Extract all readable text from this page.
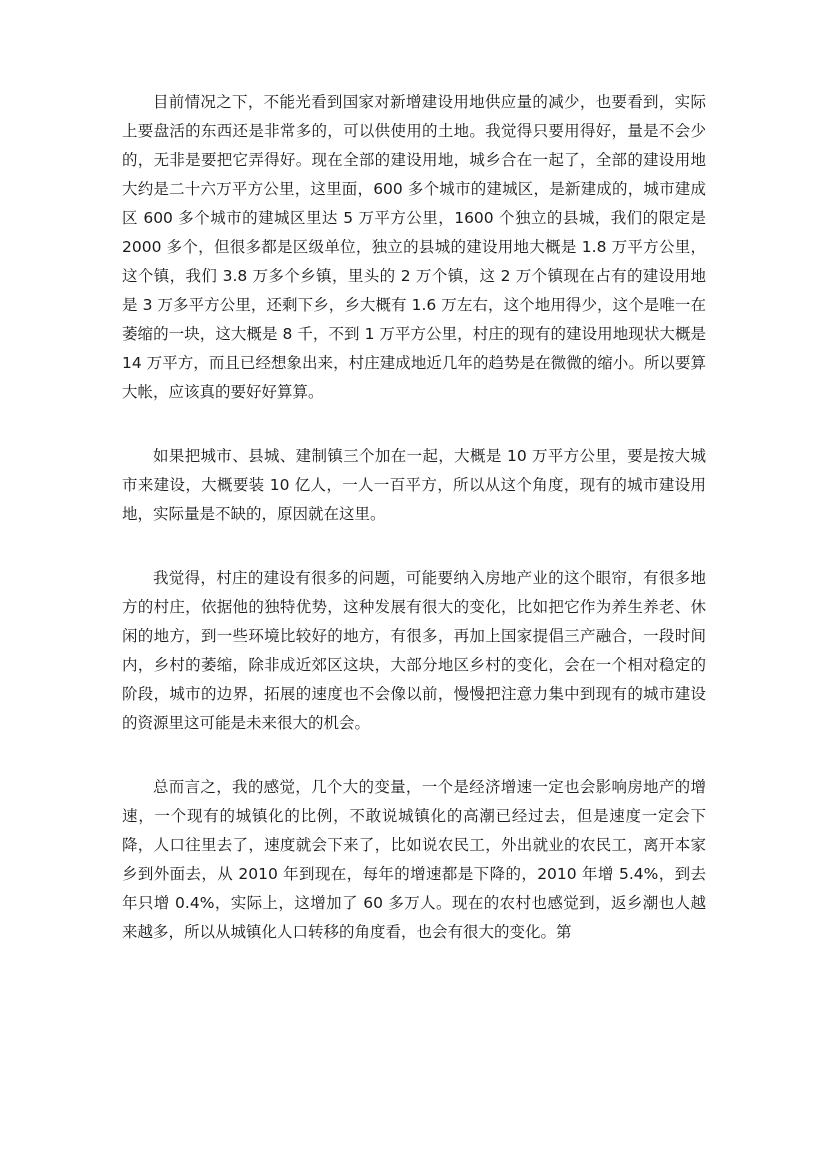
目前情况之下，不能光看到国家对新增建设用地供应量的减少，也要看到，实际上要盘活的东西还是非常多的，可以供使用的土地。我觉得只要用得好，量是不会少的，无非是要把它弄得好。现在全部的建设用地，城乡合在一起了，全部的建设用地大约是二十六万平方公里，这里面，600 多个城市的建城区，是新建成的，城市建成区 600 多个城市的建城区里达 5 万平方公里，1600 个独立的县城，我们的限定是 2000 多个，但很多都是区级单位，独立的县城的建设用地大概是 1.8 万平方公里，这个镇，我们 3.8 万多个乡镇，里头的 2 万个镇，这 2 万个镇现在占有的建设用地是 3 万多平方公里，还剩下乡，乡大概有 1.6 万左右，这个地用得少，这个是唯一在萎缩的一块，这大概是 8 千，不到 1 万平方公里，村庄的现有的建设用地现状大概是 14 万平方，而且已经想象出来，村庄建成地近几年的趋势是在微微的缩小。所以要算大帐，应该真的要好好算算。

如果把城市、县城、建制镇三个加在一起，大概是 10 万平方公里，要是按大城市来建设，大概要装 10 亿人，一人一百平方，所以从这个角度，现有的城市建设用地，实际量是不缺的，原因就在这里。

我觉得，村庄的建设有很多的问题，可能要纳入房地产业的这个眼帘，有很多地方的村庄，依据他的独特优势，这种发展有很大的变化，比如把它作为养生养老、休闲的地方，到一些环境比较好的地方，有很多，再加上国家提倡三产融合，一段时间内，乡村的萎缩，除非成近郊区这块，大部分地区乡村的变化，会在一个相对稳定的阶段，城市的边界，拓展的速度也不会像以前，慢慢把注意力集中到现有的城市建设的资源里这可能是未来很大的机会。

总而言之，我的感觉，几个大的变量，一个是经济增速一定也会影响房地产的增速，一个现有的城镇化的比例，不敢说城镇化的高潮已经过去，但是速度一定会下降，人口往里去了，速度就会下来了，比如说农民工，外出就业的农民工，离开本家乡到外面去，从 2010 年到现在，每年的增速都是下降的，2010 年增 5.4%，到去年只增 0.4%，实际上，这增加了 60 多万人。现在的农村也感觉到，返乡潮也人越来越多，所以从城镇化人口转移的角度看，也会有很大的变化。第
